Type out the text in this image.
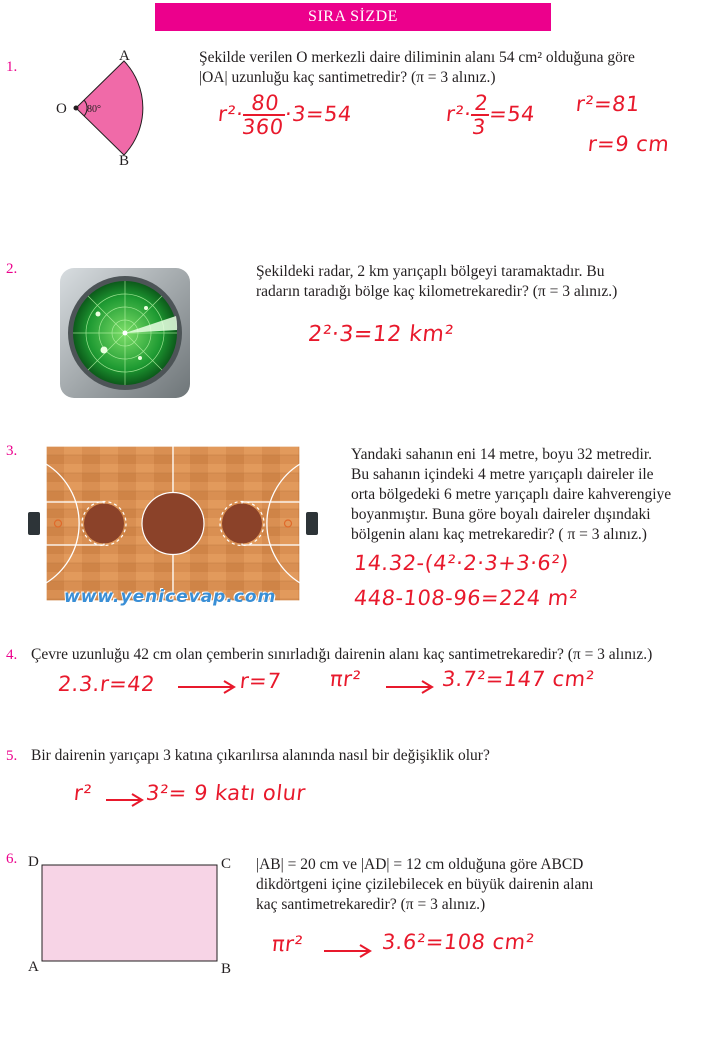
SIRA SİZDE
1.
A
B
O 80°
Şekilde verilen O merkezli daire diliminin alanı 54 cm² olduğuna göre
|OA| uzunluğu kaç santimetredir? (π = 3 alınız.)
r²·
$\frac{80}{360}$
·3=54	r²·
$\frac{2}{3}$
=54 r²=81
r=9 cm
2.	Şekildeki radar, 2 km yarıçaplı bölgeyi taramaktadır. Bu
radarın taradığı bölge kaç kilometrekaredir? (π = 3 alınız.)
2²·3=12 km²
3.
www.yenicevap.com
Yandaki sahanın eni 14 metre, boyu 32 metredir.
Bu sahanın içindeki 4 metre yarıçaplı daireler ile
orta bölgedeki 6 metre yarıçaplı daire kahverengiye
boyanmıştır. Buna göre boyalı daireler dışındaki
bölgenin alanı kaç metrekaredir? ( π = 3 alınız.)
14.32-(4²·2·3+3·6²)
448-108-96=224 m²
4. Çevre uzunluğu 42 cm olan çemberin sınırladığı dairenin alanı kaç santimetrekaredir? (π = 3 alınız.)
2.3.r=42	r=7 πr²	3.7²=147 cm²
5. Bir dairenin yarıçapı 3 katına çıkarılırsa alanında nasıl bir değişiklik olur?
r² 3²= 9 katı olur
6. D	C
A	B
|AB| = 20 cm ve |AD| = 12 cm olduğuna göre ABCD
dikdörtgeni içine çizilebilecek en büyük dairenin alanı
kaç santimetrekaredir? (π = 3 alınız.)
πr²	3.6²=108 cm²
